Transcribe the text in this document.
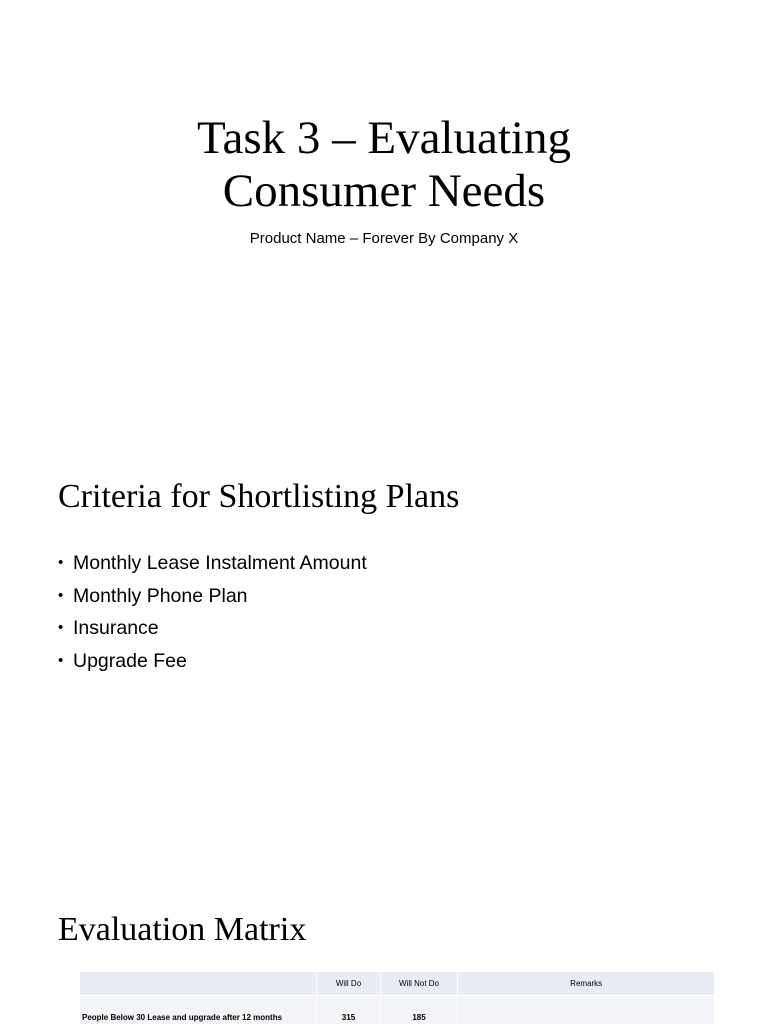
Task 3 – Evaluating
Consumer Needs

Product Name – Forever By Company X

Criteria for Shortlisting Plans
• Monthly Lease Instalment Amount
• Monthly Phone Plan
• Insurance
• Upgrade Fee
Evaluation Matrix
	Will Do	Will Not Do	Remarks
People Below 30 Lease and upgrade after 12 months	315	185	
